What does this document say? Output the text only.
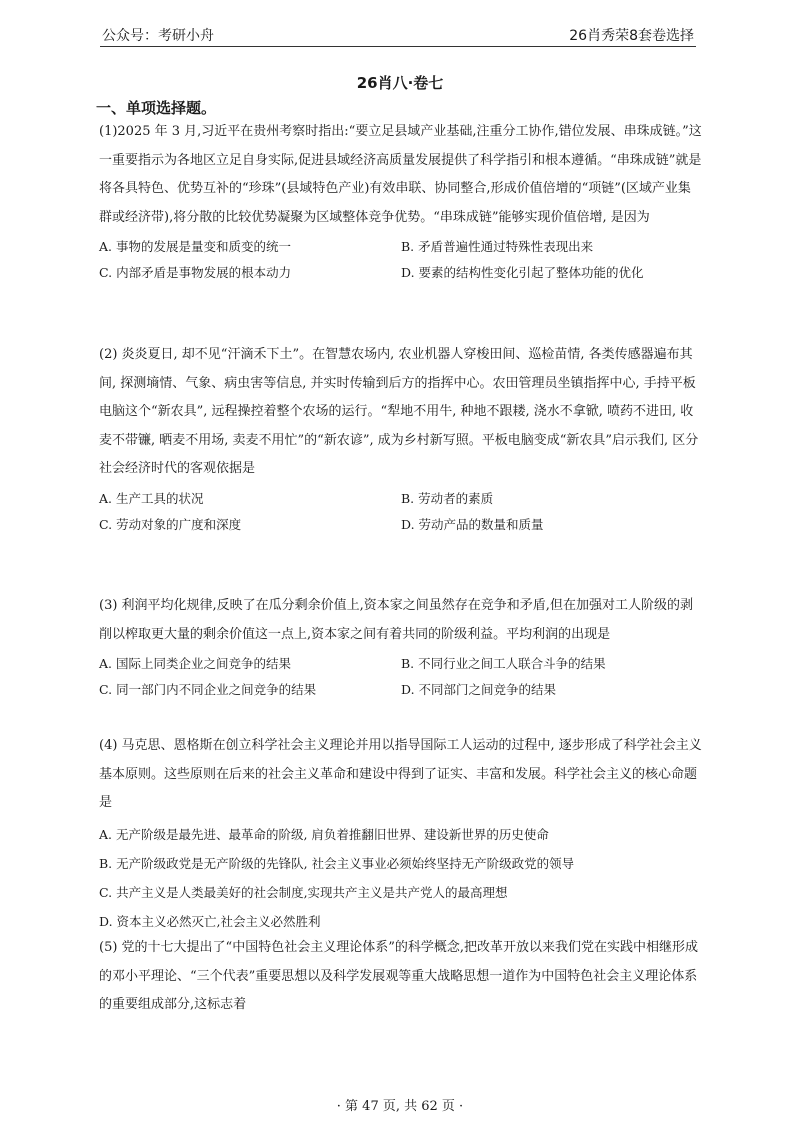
公众号：考研小舟	26肖秀荣8套卷选择
26肖八·卷七
一、单项选择题。

(1)2025 年 3 月,习近平在贵州考察时指出:“要立足县域产业基础,注重分工协作,错位发展、串珠成链。”这一重要指示为各地区立足自身实际,促进县域经济高质量发展提供了科学指引和根本遵循。“串珠成链”就是将各具特色、优势互补的“珍珠”(县域特色产业)有效串联、协同整合,形成价值倍增的“项链”(区域产业集群或经济带),将分散的比较优势凝聚为区域整体竞争优势。“串珠成链”能够实现价值倍增, 是因为

A. 事物的发展是量变和质变的统一	B. 矛盾普遍性通过特殊性表现出来
C. 内部矛盾是事物发展的根本动力	D. 要素的结构性变化引起了整体功能的优化

(2) 炎炎夏日, 却不见“汗滴禾下土”。在智慧农场内, 农业机器人穿梭田间、巡检苗情, 各类传感器遍布其间, 探测墒情、气象、病虫害等信息, 并实时传输到后方的指挥中心。农田管理员坐镇指挥中心, 手持平板电脑这个“新农具”, 远程操控着整个农场的运行。“犁地不用牛, 种地不跟耧, 浇水不拿锨, 喷药不进田, 收麦不带镰, 晒麦不用场, 卖麦不用忙”的“新农谚”, 成为乡村新写照。平板电脑变成“新农具”启示我们, 区分社会经济时代的客观依据是

A. 生产工具的状况	B. 劳动者的素质
C. 劳动对象的广度和深度	D. 劳动产品的数量和质量

(3) 利润平均化规律,反映了在瓜分剩余价值上,资本家之间虽然存在竞争和矛盾,但在加强对工人阶级的剥削以榨取更大量的剩余价值这一点上,资本家之间有着共同的阶级利益。平均利润的出现是

A. 国际上同类企业之间竞争的结果	B. 不同行业之间工人联合斗争的结果
C. 同一部门内不同企业之间竞争的结果	D. 不同部门之间竞争的结果

(4) 马克思、恩格斯在创立科学社会主义理论并用以指导国际工人运动的过程中, 逐步形成了科学社会主义基本原则。这些原则在后来的社会主义革命和建设中得到了证实、丰富和发展。科学社会主义的核心命题是

A. 无产阶级是最先进、最革命的阶级, 肩负着推翻旧世界、建设新世界的历史使命
B. 无产阶级政党是无产阶级的先锋队, 社会主义事业必须始终坚持无产阶级政党的领导
C. 共产主义是人类最美好的社会制度,实现共产主义是共产党人的最高理想
D. 资本主义必然灭亡,社会主义必然胜利

(5) 党的十七大提出了“中国特色社会主义理论体系”的科学概念,把改革开放以来我们党在实践中相继形成的邓小平理论、“三个代表”重要思想以及科学发展观等重大战略思想一道作为中国特色社会主义理论体系的重要组成部分,这标志着

· 第 47 页, 共 62 页 ·
